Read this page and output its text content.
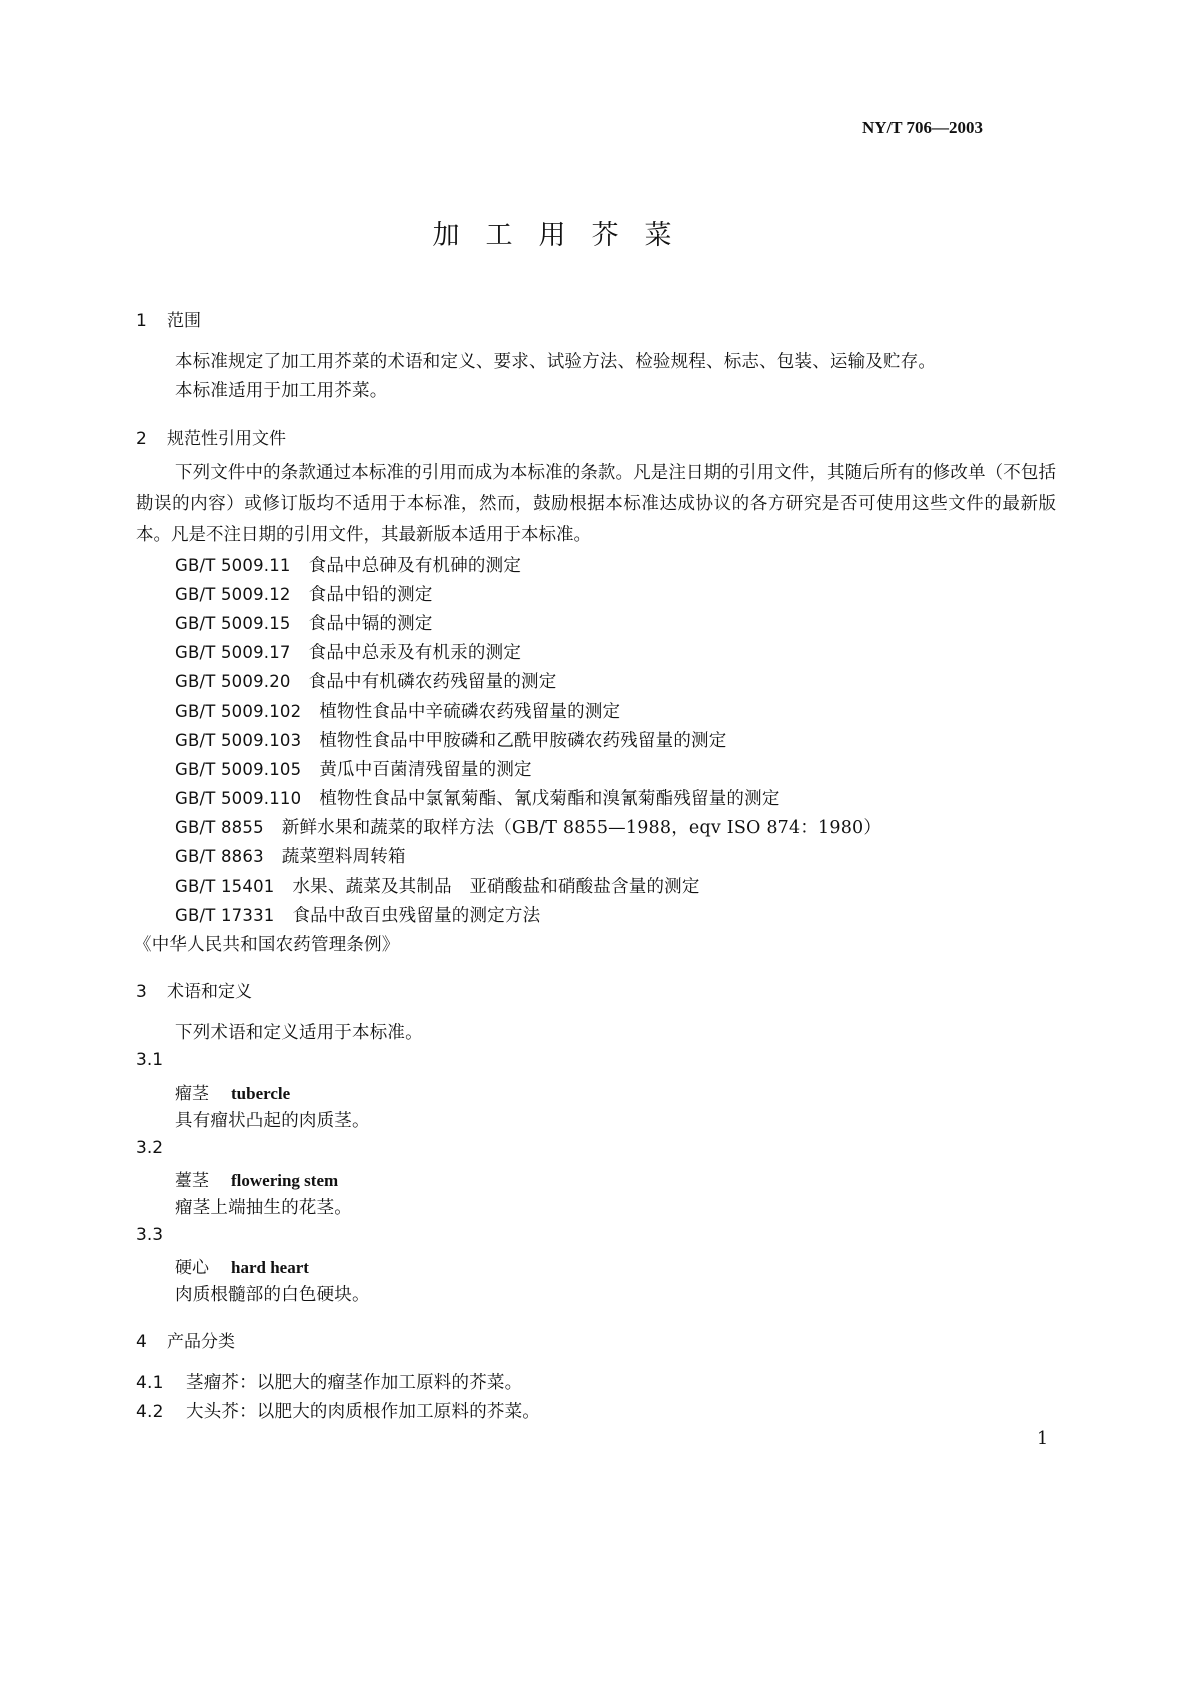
NY/T 706—2003
加工用芥菜
1 范围
本标准规定了加工用芥菜的术语和定义、要求、试验方法、检验规程、标志、包装、运输及贮存。
本标准适用于加工用芥菜。
2 规范性引用文件
下列文件中的条款通过本标准的引用而成为本标准的条款。凡是注日期的引用文件，其随后所有的修改单（不包括勘误的内容）或修订版均不适用于本标准，然而，鼓励根据本标准达成协议的各方研究是否可使用这些文件的最新版本。凡是不注日期的引用文件，其最新版本适用于本标准。
GB/T 5009.11 食品中总砷及有机砷的测定
GB/T 5009.12 食品中铅的测定
GB/T 5009.15 食品中镉的测定
GB/T 5009.17 食品中总汞及有机汞的测定
GB/T 5009.20 食品中有机磷农药残留量的测定
GB/T 5009.102 植物性食品中辛硫磷农药残留量的测定
GB/T 5009.103 植物性食品中甲胺磷和乙酰甲胺磷农药残留量的测定
GB/T 5009.105 黄瓜中百菌清残留量的测定
GB/T 5009.110 植物性食品中氯氰菊酯、氰戊菊酯和溴氰菊酯残留量的测定
GB/T 8855 新鲜水果和蔬菜的取样方法（GB/T 8855—1988，eqv ISO 874：1980）
GB/T 8863 蔬菜塑料周转箱
GB/T 15401 水果、蔬菜及其制品　亚硝酸盐和硝酸盐含量的测定
GB/T 17331 食品中敌百虫残留量的测定方法
《中华人民共和国农药管理条例》
3 术语和定义
下列术语和定义适用于本标准。
3.1
瘤茎 tubercle
具有瘤状凸起的肉质茎。
3.2
薹茎 flowering stem
瘤茎上端抽生的花茎。
3.3
硬心 hard heart
肉质根髓部的白色硬块。
4 产品分类
4.1 茎瘤芥：以肥大的瘤茎作加工原料的芥菜。
4.2 大头芥：以肥大的肉质根作加工原料的芥菜。
1
